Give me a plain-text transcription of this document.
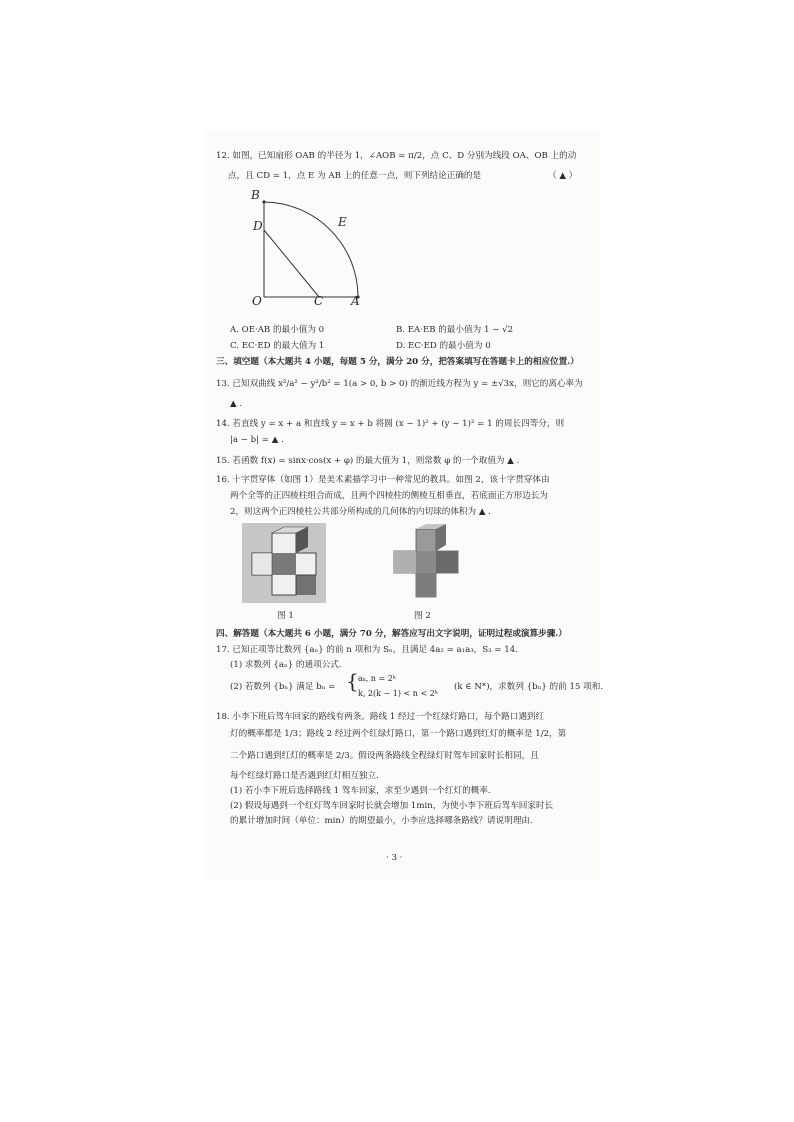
12. 如图，已知扇形 OAB 的半径为 1，∠AOB = π/2，点 C、D 分别为线段 OA、OB 上的动
点，且 CD = 1，点 E 为 AB 上的任意一点，则下列结论正确的是	（ ▲ ）
B
D	E
O	C A
A. OE·AB 的最小值为 0	B. EA·EB 的最小值为 1 − √2
C. EC·ED 的最大值为 1	D. EC·ED 的最小值为 0
三、填空题（本大题共 4 小题，每题 5 分，满分 20 分，把答案填写在答题卡上的相应位置.）
13. 已知双曲线 x²/a² − y²/b² = 1(a > 0, b > 0) 的渐近线方程为 y = ±√3x，则它的离心率为
▲ .
14. 若直线 y = x + a 和直线 y = x + b 将圆 (x − 1)² + (y − 1)² = 1 的周长四等分，则
|a − b| = ▲ .
15. 若函数 f(x) = sinx·cos(x + φ) 的最大值为 1，则常数 φ 的一个取值为 ▲ .
16. 十字贯穿体（如图 1）是美术素描学习中一种常见的教具。如图 2，该十字贯穿体由
两个全等的正四棱柱组合而成，且两个四棱柱的侧棱互相垂直，若底面正方形边长为
2，则这两个正四棱柱公共部分所构成的几何体的内切球的体积为 ▲ .
图 1	图 2
四、解答题（本大题共 6 小题，满分 70 分，解答应写出文字说明，证明过程或演算步骤.）
17. 已知正项等比数列 {aₙ} 的前 n 项和为 Sₙ，且满足 4a₂ = a₁a₃，S₃ = 14.
(1) 求数列 {aₙ} 的通项公式.
(2) 若数列 {bₙ} 满足 bₙ = { aₖ, n = 2ᵏ
k, 2(k − 1) < n < 2ᵏ
(k ∈ N*)，求数列 {bₙ} 的前 15 项和.
18. 小李下班后驾车回家的路线有两条。路线 1 经过一个红绿灯路口，每个路口遇到红
灯的概率都是 1/3；路线 2 经过两个红绿灯路口，第一个路口遇到红灯的概率是 1/2，第
二个路口遇到红灯的概率是 2/3。假设两条路线全程绿灯时驾车回家时长相同，且
每个红绿灯路口是否遇到红灯相互独立.
(1) 若小李下班后选择路线 1 驾车回家，求至少遇到一个红灯的概率.
(2) 假设每遇到一个红灯驾车回家时长就会增加 1min，为使小李下班后驾车回家时长
的累计增加时间（单位：min）的期望最小，小李应选择哪条路线？请说明理由.
· 3 ·
